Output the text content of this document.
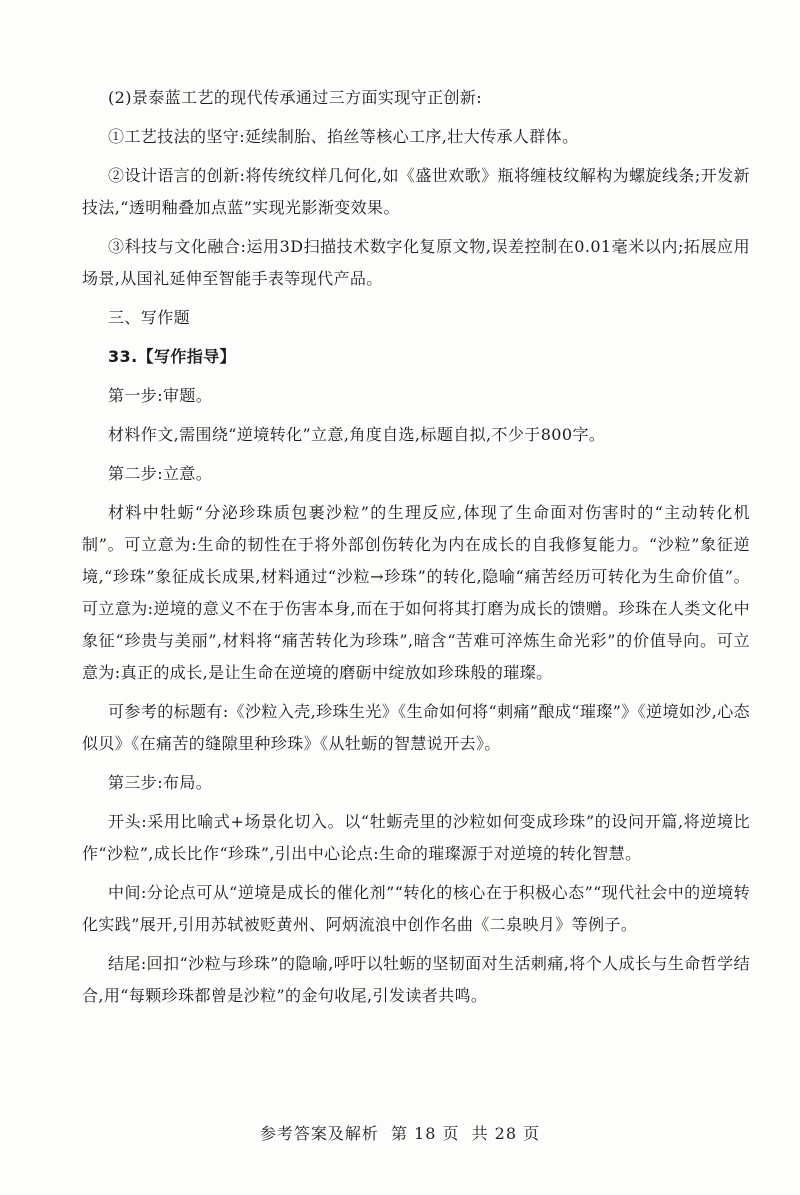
(2)景泰蓝工艺的现代传承通过三方面实现守正创新:

①工艺技法的坚守:延续制胎、掐丝等核心工序,壮大传承人群体。

②设计语言的创新:将传统纹样几何化,如《盛世欢歌》瓶将缠枝纹解构为螺旋线条;开发新技法,“透明釉叠加点蓝”实现光影渐变效果。

③科技与文化融合:运用3D扫描技术数字化复原文物,误差控制在0.01毫米以内;拓展应用场景,从国礼延伸至智能手表等现代产品。

三、写作题

33.【写作指导】

第一步:审题。

材料作文,需围绕“逆境转化”立意,角度自选,标题自拟,不少于800字。

第二步:立意。

材料中牡蛎“分泌珍珠质包裹沙粒”的生理反应,体现了生命面对伤害时的“主动转化机制”。可立意为:生命的韧性在于将外部创伤转化为内在成长的自我修复能力。“沙粒”象征逆境,“珍珠”象征成长成果,材料通过“沙粒→珍珠”的转化,隐喻“痛苦经历可转化为生命价值”。可立意为:逆境的意义不在于伤害本身,而在于如何将其打磨为成长的馈赠。珍珠在人类文化中象征“珍贵与美丽”,材料将“痛苦转化为珍珠”,暗含“苦难可淬炼生命光彩”的价值导向。可立意为:真正的成长,是让生命在逆境的磨砺中绽放如珍珠般的璀璨。

可参考的标题有:《沙粒入壳,珍珠生光》《生命如何将“刺痛”酿成“璀璨”》《逆境如沙,心态似贝》《在痛苦的缝隙里种珍珠》《从牡蛎的智慧说开去》。

第三步:布局。

开头:采用比喻式+场景化切入。以“牡蛎壳里的沙粒如何变成珍珠”的设问开篇,将逆境比作“沙粒”,成长比作“珍珠”,引出中心论点:生命的璀璨源于对逆境的转化智慧。

中间:分论点可从“逆境是成长的催化剂”“转化的核心在于积极心态”“现代社会中的逆境转化实践”展开,引用苏轼被贬黄州、阿炳流浪中创作名曲《二泉映月》等例子。

结尾:回扣“沙粒与珍珠”的隐喻,呼吁以牡蛎的坚韧面对生活刺痛,将个人成长与生命哲学结合,用“每颗珍珠都曾是沙粒”的金句收尾,引发读者共鸣。

参考答案及解析 第 18 页 共 28 页
